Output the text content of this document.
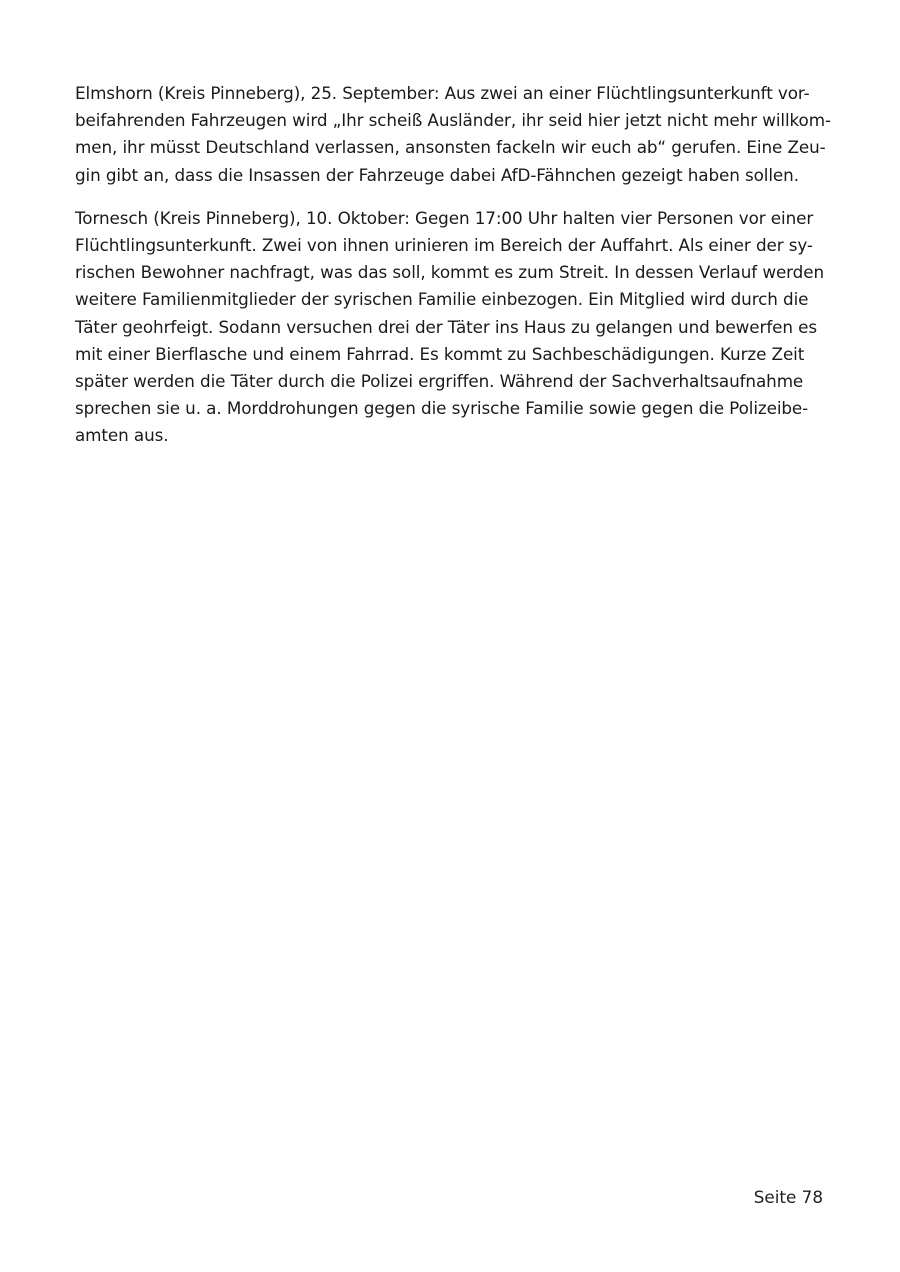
Elmshorn (Kreis Pinneberg), 25. September: Aus zwei an einer Flüchtlingsunterkunft vor-
beifahrenden Fahrzeugen wird „Ihr scheiß Ausländer, ihr seid hier jetzt nicht mehr willkom-
men, ihr müsst Deutschland verlassen, ansonsten fackeln wir euch ab“ gerufen. Eine Zeu-
gin gibt an, dass die Insassen der Fahrzeuge dabei AfD-Fähnchen gezeigt haben sollen.

Tornesch (Kreis Pinneberg), 10. Oktober: Gegen 17:00 Uhr halten vier Personen vor einer
Flüchtlingsunterkunft. Zwei von ihnen urinieren im Bereich der Auffahrt. Als einer der sy-
rischen Bewohner nachfragt, was das soll, kommt es zum Streit. In dessen Verlauf werden
weitere Familienmitglieder der syrischen Familie einbezogen. Ein Mitglied wird durch die
Täter geohrfeigt. Sodann versuchen drei der Täter ins Haus zu gelangen und bewerfen es
mit einer Bierflasche und einem Fahrrad. Es kommt zu Sachbeschädigungen. Kurze Zeit
später werden die Täter durch die Polizei ergriffen. Während der Sachverhaltsaufnahme
sprechen sie u. a. Morddrohungen gegen die syrische Familie sowie gegen die Polizeibe-
amten aus.

Seite 78
